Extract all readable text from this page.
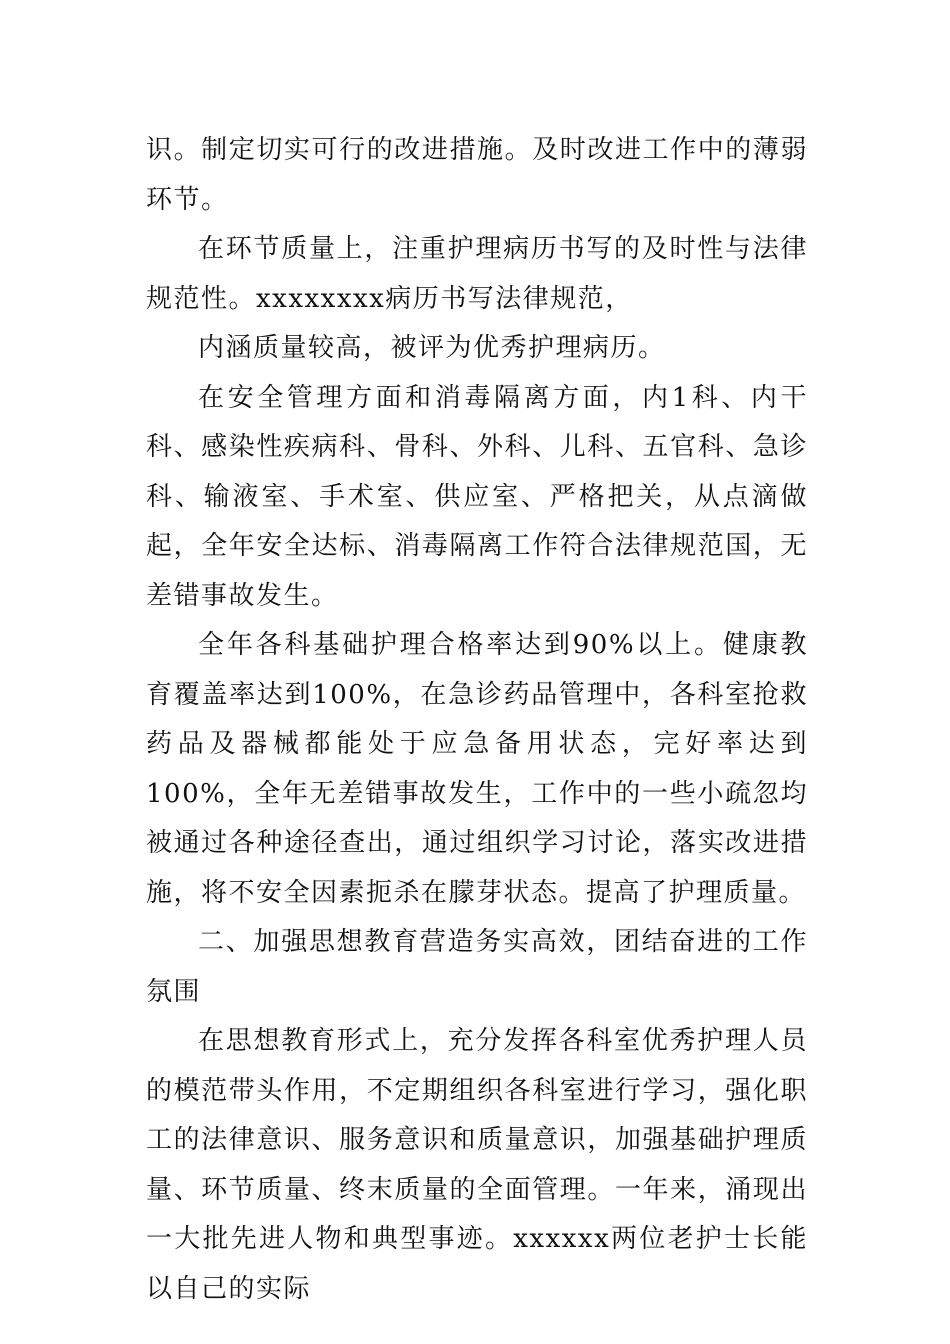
识。制定切实可行的改进措施。及时改进工作中的薄弱环节。

在环节质量上，注重护理病历书写的及时性与法律规范性。xxxxxxxx病历书写法律规范，

内涵质量较高，被评为优秀护理病历。

在安全管理方面和消毒隔离方面，内1科、内干科、感染性疾病科、骨科、外科、儿科、五官科、急诊科、输液室、手术室、供应室、严格把关，从点滴做起，全年安全达标、消毒隔离工作符合法律规范国，无差错事故发生。

全年各科基础护理合格率达到90%以上。健康教育覆盖率达到100%，在急诊药品管理中，各科室抢救药品及器械都能处于应急备用状态，完好率达到100%，全年无差错事故发生，工作中的一些小疏忽均被通过各种途径查出，通过组织学习讨论，落实改进措施，将不安全因素扼杀在朦芽状态。提高了护理质量。

二、加强思想教育营造务实高效，团结奋进的工作氛围

在思想教育形式上，充分发挥各科室优秀护理人员的模范带头作用，不定期组织各科室进行学习，强化职工的法律意识、服务意识和质量意识，加强基础护理质量、环节质量、终末质量的全面管理。一年来，涌现出一大批先进人物和典型事迹。xxxxxx两位老护士长能以自己的实际
